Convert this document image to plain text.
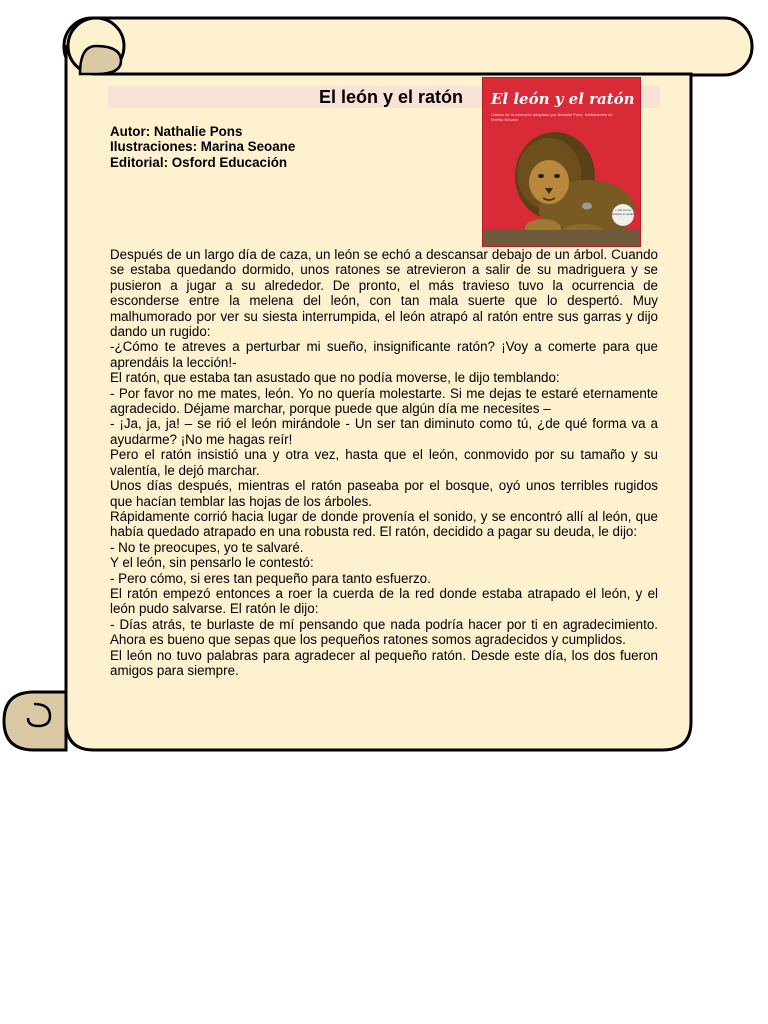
El león y el ratón
Autor: Nathalie Pons
Ilustraciones: Marina Seoane
Editorial: Osford Educación
El león y el ratón
Clásico de la colección adaptado por Nathalie Pons. Ilustraciones de Marina Seoane
+ CD con la versión en audio

Después de un largo día de caza, un león se echó a descansar debajo de un árbol. Cuando se estaba quedando dormido, unos ratones se atrevieron a salir de su madriguera y se pusieron a jugar a su alrededor. De pronto, el más travieso tuvo la ocurrencia de esconderse entre la melena del león, con tan mala suerte que lo despertó. Muy malhumorado por ver su siesta interrumpida, el león atrapó al ratón entre sus garras y dijo dando un rugido:

-¿Cómo te atreves a perturbar mi sueño, insignificante ratón? ¡Voy a comerte para que aprendáis la lección!-

El ratón, que estaba tan asustado que no podía moverse, le dijo temblando:

- Por favor no me mates, león. Yo no quería molestarte. Si me dejas te estaré eternamente agradecido. Déjame marchar, porque puede que algún día me necesites –

- ¡Ja, ja, ja! – se rió el león mirándole - Un ser tan diminuto como tú, ¿de qué forma va a ayudarme? ¡No me hagas reír!

Pero el ratón insistió una y otra vez, hasta que el león, conmovido por su tamaño y su valentía, le dejó marchar.

Unos días después, mientras el ratón paseaba por el bosque, oyó unos terribles rugidos que hacían temblar las hojas de los árboles.

Rápidamente corrió hacia lugar de donde provenía el sonido, y se encontró allí al león, que había quedado atrapado en una robusta red. El ratón, decidido a pagar su deuda, le dijo:

- No te preocupes, yo te salvaré.

Y el león, sin pensarlo le contestó:

- Pero cómo, si eres tan pequeño para tanto esfuerzo.

El ratón empezó entonces a roer la cuerda de la red donde estaba atrapado el león, y el león pudo salvarse. El ratón le dijo:

- Días atrás, te burlaste de mí pensando que nada podría hacer por ti en agradecimiento. Ahora es bueno que sepas que los pequeños ratones somos agradecidos y cumplidos.

El león no tuvo palabras para agradecer al pequeño ratón. Desde este día, los dos fueron amigos para siempre.
